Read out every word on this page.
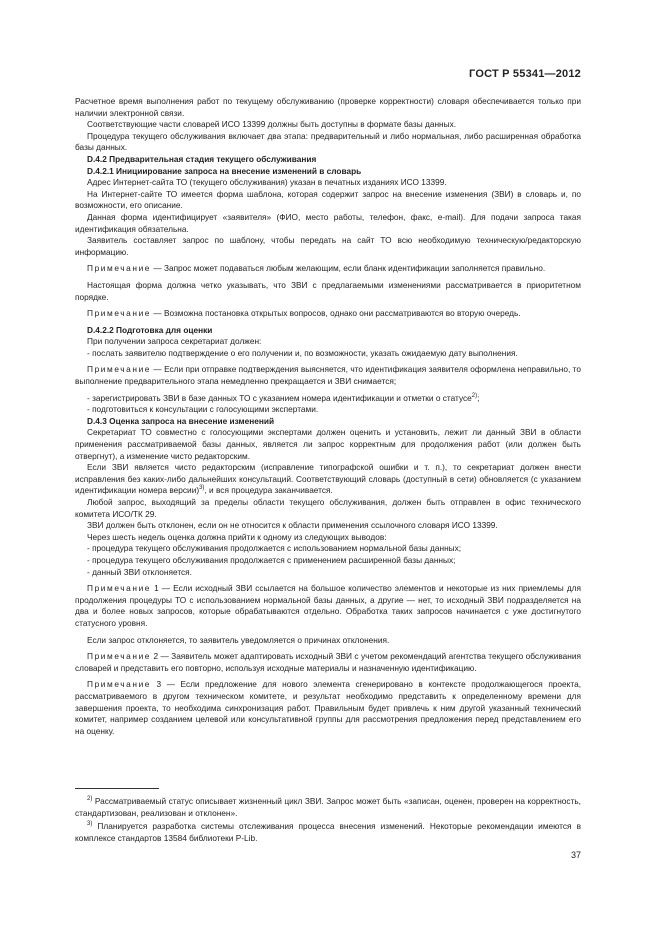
ГОСТ Р 55341—2012

Расчетное время выполнения работ по текущему обслуживанию (проверке корректности) словаря обеспечивается только при наличии электронной связи.

Соответствующие части словарей ИСО 13399 должны быть доступны в формате базы данных.

Процедура текущего обслуживания включает два этапа: предварительный и либо нормальная, либо расширенная обработка базы данных.

D.4.2 Предварительная стадия текущего обслуживания

D.4.2.1 Инициирование запроса на внесение изменений в словарь

Адрес Интернет-сайта ТО (текущего обслуживания) указан в печатных изданиях ИСО 13399.

На Интернет-сайте ТО имеется форма шаблона, которая содержит запрос на внесение изменения (ЗВИ) в словарь и, по возможности, его описание.

Данная форма идентифицирует «заявителя» (ФИО, место работы, телефон, факс, e-mail). Для подачи запроса такая идентификация обязательна.

Заявитель составляет запрос по шаблону, чтобы передать на сайт ТО всю необходимую техническую/редакторскую информацию.

Примечание — Запрос может подаваться любым желающим, если бланк идентификации заполняется правильно.

Настоящая форма должна четко указывать, что ЗВИ с предлагаемыми изменениями рассматривается в приоритетном порядке.

Примечание — Возможна постановка открытых вопросов, однако они рассматриваются во вторую очередь.

D.4.2.2 Подготовка для оценки

При получении запроса секретариат должен:

- послать заявителю подтверждение о его получении и, по возможности, указать ожидаемую дату выполнения.

Примечание — Если при отправке подтверждения выясняется, что идентификация заявителя оформлена неправильно, то выполнение предварительного этапа немедленно прекращается и ЗВИ снимается;

- зарегистрировать ЗВИ в базе данных ТО с указанием номера идентификации и отметки о статусе$^{2)}$;

- подготовиться к консультации с голосующими экспертами.

D.4.3 Оценка запроса на внесение изменений

Секретариат ТО совместно с голосующими экспертами должен оценить и установить, лежит ли данный ЗВИ в области применения рассматриваемой базы данных, является ли запрос корректным для продолжения работ (или должен быть отвергнут), а изменение чисто редакторским.

Если ЗВИ является чисто редакторским (исправление типографской ошибки и т. п.), то секретариат должен внести исправления без каких-либо дальнейших консультаций. Соответствующий словарь (доступный в сети) обновляется (с указанием идентификации номера версии)$^{3)}$, и вся процедура заканчивается.

Любой запрос, выходящий за пределы области текущего обслуживания, должен быть отправлен в офис технического комитета ИСО/ТК 29.

ЗВИ должен быть отклонен, если он не относится к области применения ссылочного словаря ИСО 13399.

Через шесть недель оценка должна прийти к одному из следующих выводов:

- процедура текущего обслуживания продолжается с использованием нормальной базы данных;

- процедура текущего обслуживания продолжается с применением расширенной базы данных;

- данный ЗВИ отклоняется.

Примечание 1 — Если исходный ЗВИ ссылается на большое количество элементов и некоторые из них приемлемы для продолжения процедуры ТО с использованием нормальной базы данных, а другие — нет, то исходный ЗВИ подразделяется на два и более новых запросов, которые обрабатываются отдельно. Обработка таких запросов начинается с уже достигнутого статусного уровня.

Если запрос отклоняется, то заявитель уведомляется о причинах отклонения.

Примечание 2 — Заявитель может адаптировать исходный ЗВИ с учетом рекомендаций агентства текущего обслуживания словарей и представить его повторно, используя исходные материалы и назначенную идентификацию.

Примечание 3 — Если предложение для нового элемента сгенерировано в контексте продолжающегося проекта, рассматриваемого в другом техническом комитете, и результат необходимо представить к определенному времени для завершения проекта, то необходима синхронизация работ. Правильным будет привлечь к ним другой указанный технический комитет, например созданием целевой или консультативной группы для рассмотрения предложения перед представлением его на оценку.

$^{2)}$ Рассматриваемый статус описывает жизненный цикл ЗВИ. Запрос может быть «записан, оценен, проверен на корректность, стандартизован, реализован и отклонен».

$^{3)}$ Планируется разработка системы отслеживания процесса внесения изменений. Некоторые рекомендации имеются в комплексе стандартов 13584 библиотеки P-Lib.

37
